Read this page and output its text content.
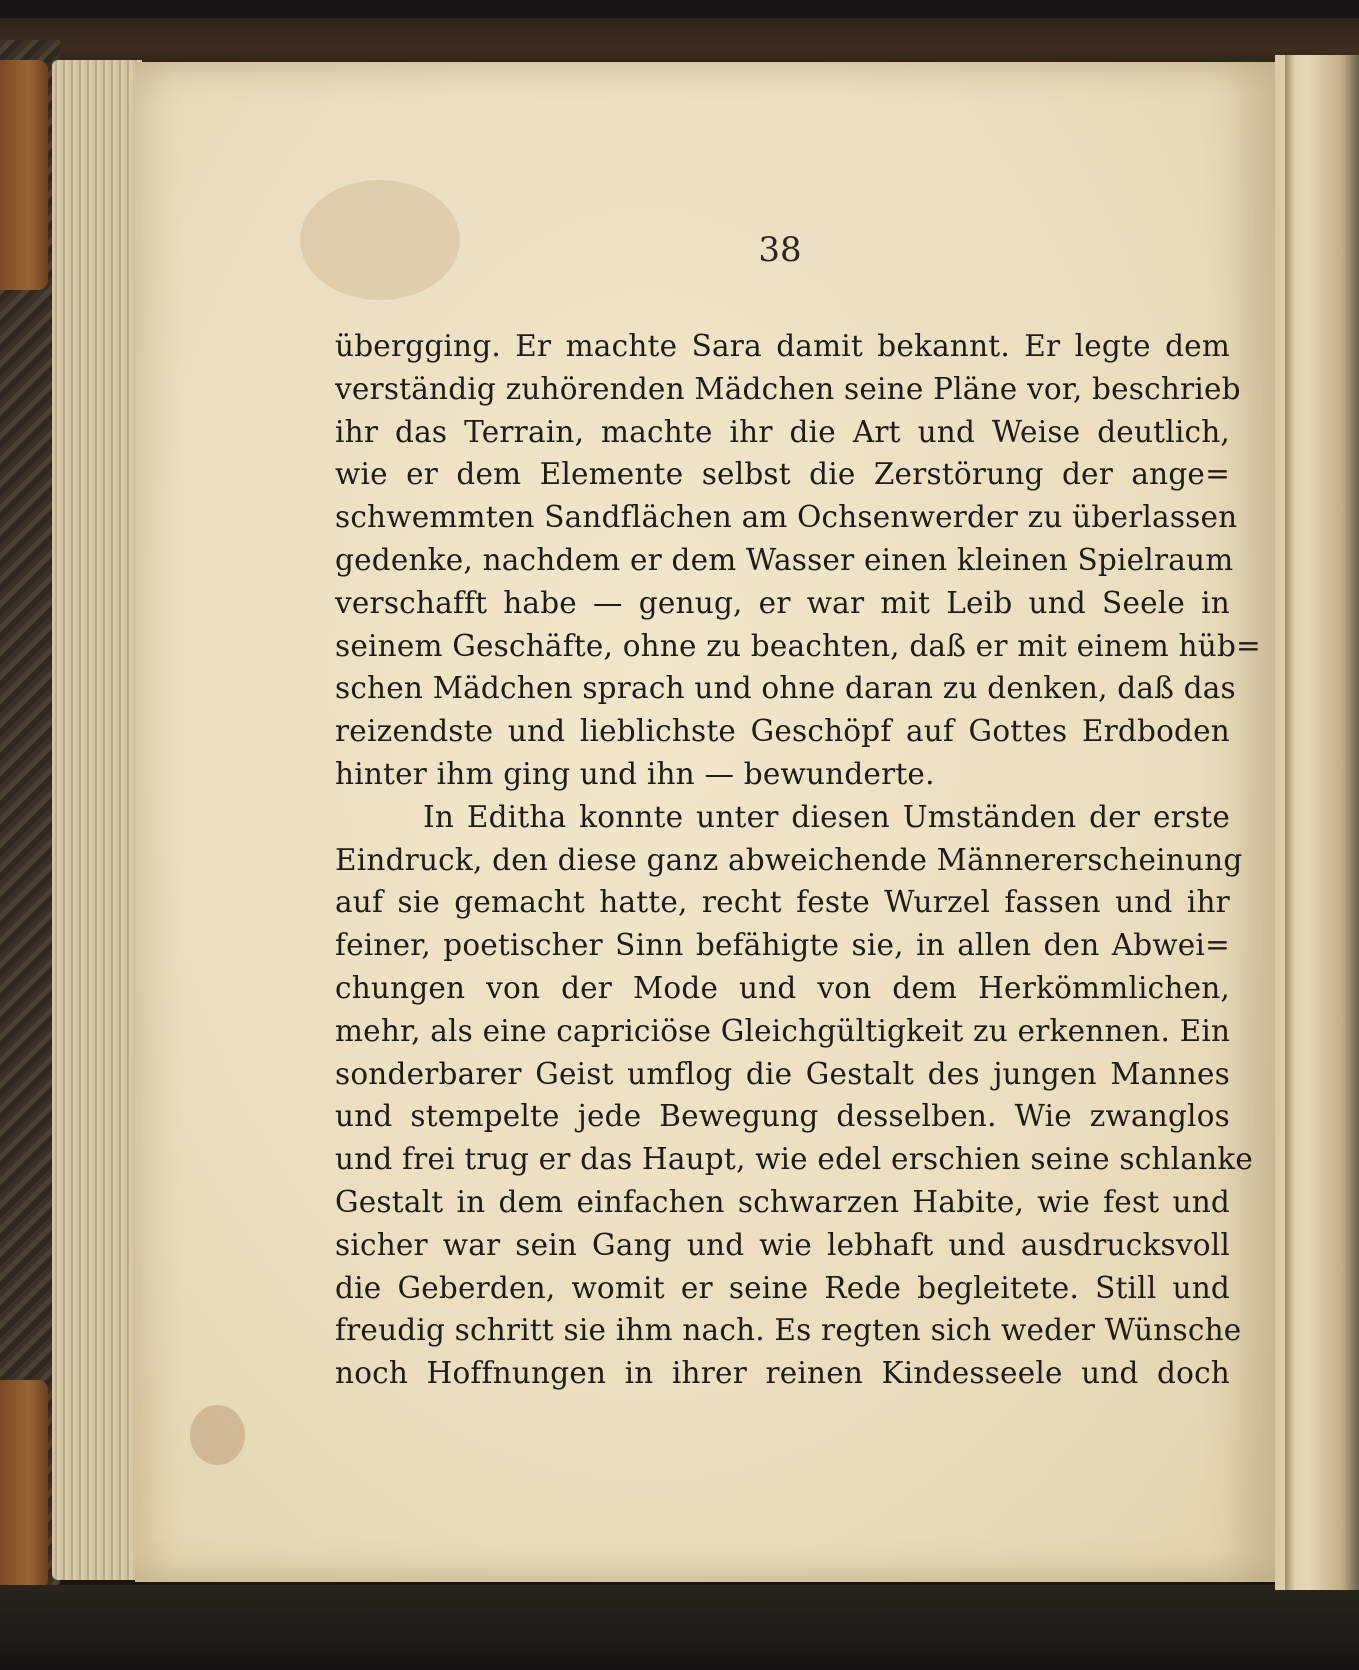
38
übergging. Er machte Sara damit bekannt. Er legte dem
verständig zuhörenden Mädchen seine Pläne vor, beschrieb
ihr das Terrain, machte ihr die Art und Weise deutlich,
wie er dem Elemente selbst die Zerstörung der ange=
schwemmten Sandflächen am Ochsenwerder zu überlassen
gedenke, nachdem er dem Wasser einen kleinen Spielraum
verschafft habe — genug, er war mit Leib und Seele in
seinem Geschäfte, ohne zu beachten, daß er mit einem hüb=
schen Mädchen sprach und ohne daran zu denken, daß das
reizendste und lieblichste Geschöpf auf Gottes Erdboden
hinter ihm ging und ihn — bewunderte.
In Editha konnte unter diesen Umständen der erste
Eindruck, den diese ganz abweichende Männererscheinung
auf sie gemacht hatte, recht feste Wurzel fassen und ihr
feiner, poetischer Sinn befähigte sie, in allen den Abwei=
chungen von der Mode und von dem Herkömmlichen,
mehr, als eine capriciöse Gleichgültigkeit zu erkennen. Ein
sonderbarer Geist umflog die Gestalt des jungen Mannes
und stempelte jede Bewegung desselben. Wie zwanglos
und frei trug er das Haupt, wie edel erschien seine schlanke
Gestalt in dem einfachen schwarzen Habite, wie fest und
sicher war sein Gang und wie lebhaft und ausdrucksvoll
die Geberden, womit er seine Rede begleitete. Still und
freudig schritt sie ihm nach. Es regten sich weder Wünsche
noch Hoffnungen in ihrer reinen Kindesseele und doch
